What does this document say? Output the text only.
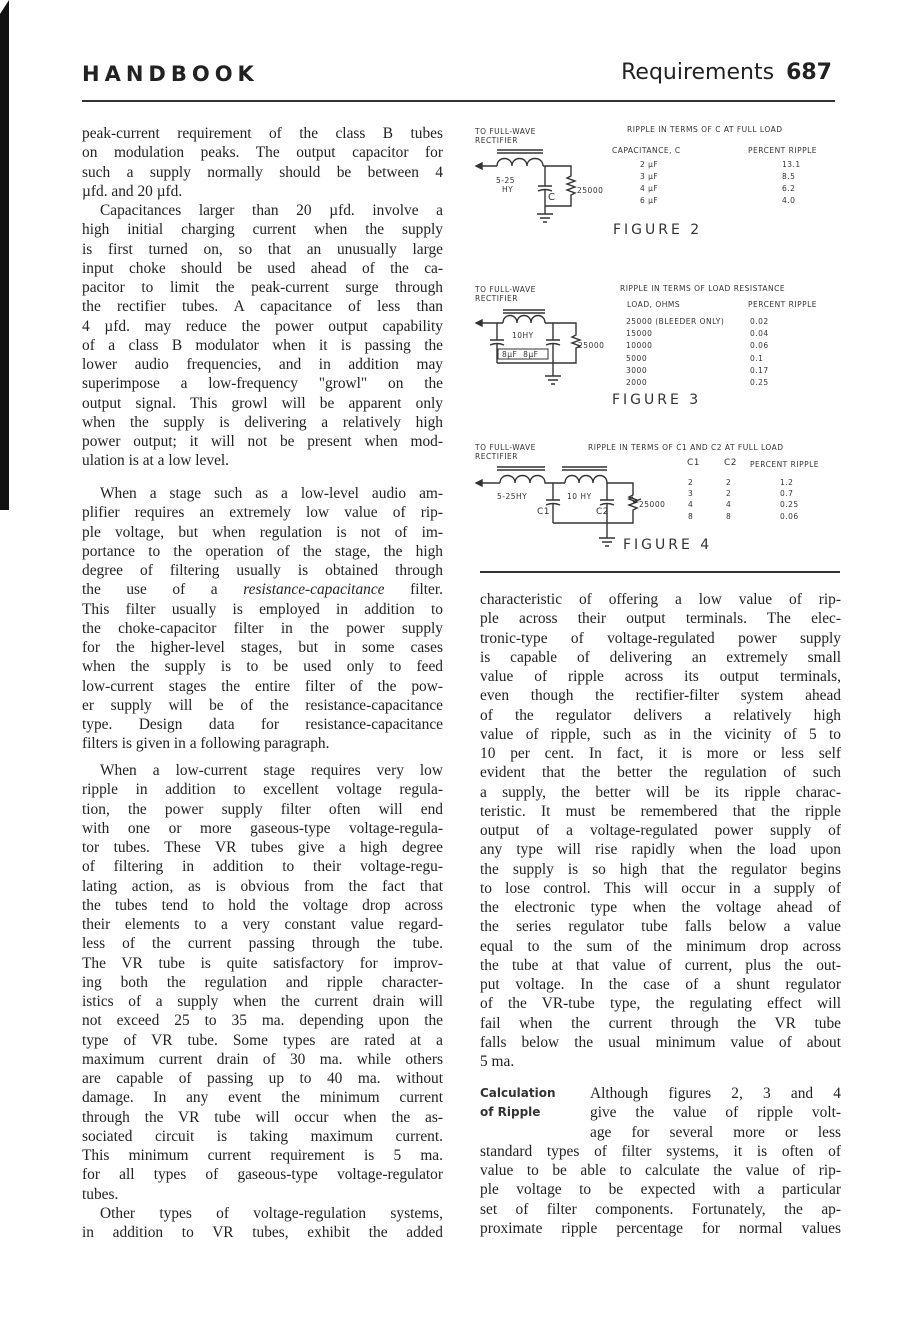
HANDBOOK	Requirements 687
peak-current requirement of the class B tubes
on modulation peaks. The output capacitor for
such a supply normally should be between 4
µfd. and 20 µfd.
Capacitances larger than 20 µfd. involve a
high initial charging current when the supply
is first turned on, so that an unusually large
input choke should be used ahead of the ca-
pacitor to limit the peak-current surge through
the rectifier tubes. A capacitance of less than
4 µfd. may reduce the power output capability
of a class B modulator when it is passing the
lower audio frequencies, and in addition may
superimpose a low-frequency "growl" on the
output signal. This growl will be apparent only
when the supply is delivering a relatively high
power output; it will not be present when mod-
ulation is at a low level.
When a stage such as a low-level audio am-
plifier requires an extremely low value of rip-
ple voltage, but when regulation is not of im-
portance to the operation of the stage, the high
degree of filtering usually is obtained through
the use of a resistance-capacitance filter.
This filter usually is employed in addition to
the choke-capacitor filter in the power supply
for the higher-level stages, but in some cases
when the supply is to be used only to feed
low-current stages the entire filter of the pow-
er supply will be of the resistance-capacitance
type. Design data for resistance-capacitance
filters is given in a following paragraph.
When a low-current stage requires very low
ripple in addition to excellent voltage regula-
tion, the power supply filter often will end
with one or more gaseous-type voltage-regula-
tor tubes. These VR tubes give a high degree
of filtering in addition to their voltage-regu-
lating action, as is obvious from the fact that
the tubes tend to hold the voltage drop across
their elements to a very constant value regard-
less of the current passing through the tube.
The VR tube is quite satisfactory for improv-
ing both the regulation and ripple character-
istics of a supply when the current drain will
not exceed 25 to 35 ma. depending upon the
type of VR tube. Some types are rated at a
maximum current drain of 30 ma. while others
are capable of passing up to 40 ma. without
damage. In any event the minimum current
through the VR tube will occur when the as-
sociated circuit is taking maximum current.
This minimum current requirement is 5 ma.
for all types of gaseous-type voltage-regulator
tubes.
Other types of voltage-regulation systems,
in addition to VR tubes, exhibit the added
characteristic of offering a low value of rip-
ple across their output terminals. The elec-
tronic-type of voltage-regulated power supply
is capable of delivering an extremely small
value of ripple across its output terminals,
even though the rectifier-filter system ahead
of the regulator delivers a relatively high
value of ripple, such as in the vicinity of 5 to
10 per cent. In fact, it is more or less self
evident that the better the regulation of such
a supply, the better will be its ripple charac-
teristic. It must be remembered that the ripple
output of a voltage-regulated power supply of
any type will rise rapidly when the load upon
the supply is so high that the regulator begins
to lose control. This will occur in a supply of
the electronic type when the voltage ahead of
the series regulator tube falls below a value
equal to the sum of the minimum drop across
the tube at that value of current, plus the out-
put voltage. In the case of a shunt regulator
of the VR-tube type, the regulating effect will
fail when the current through the VR tube
falls below the usual minimum value of about
5 ma.
Although figures 2, 3 and 4
give the value of ripple volt-
age for several more or less
standard types of filter systems, it is often of
value to be able to calculate the value of rip-
ple voltage to be expected with a particular
set of filter components. Fortunately, the ap-
proximate ripple percentage for normal values
Calculation
of Ripple
TO FULL-WAVE
RECTIFIER
5-25
HY
C
25000
RIPPLE IN TERMS OF C AT FULL LOAD
CAPACITANCE, C	PERCENT RIPPLE
2 µF	13.1
3 µF	8.5
4 µF	6.2
6 µF	4.0
FIGURE 2
TO FULL-WAVE
RECTIFIER
10HY
8µF  8µF
25000
RIPPLE IN TERMS OF LOAD RESISTANCE
LOAD, OHMS	PERCENT RIPPLE
25000 (BLEEDER ONLY)	0.02
15000	0.04
10000	0.06
5000	0.1
3000	0.17
2000	0.25
FIGURE 3
TO FULL-WAVE
RECTIFIER
5-25HY	10 HY
C1	C2
25000
RIPPLE IN TERMS OF C1 AND C2 AT FULL LOAD
C1	C2 PERCENT RIPPLE
2	2	1.2
3	2	0.7
4	4	0.25
8	8	0.06
FIGURE 4
